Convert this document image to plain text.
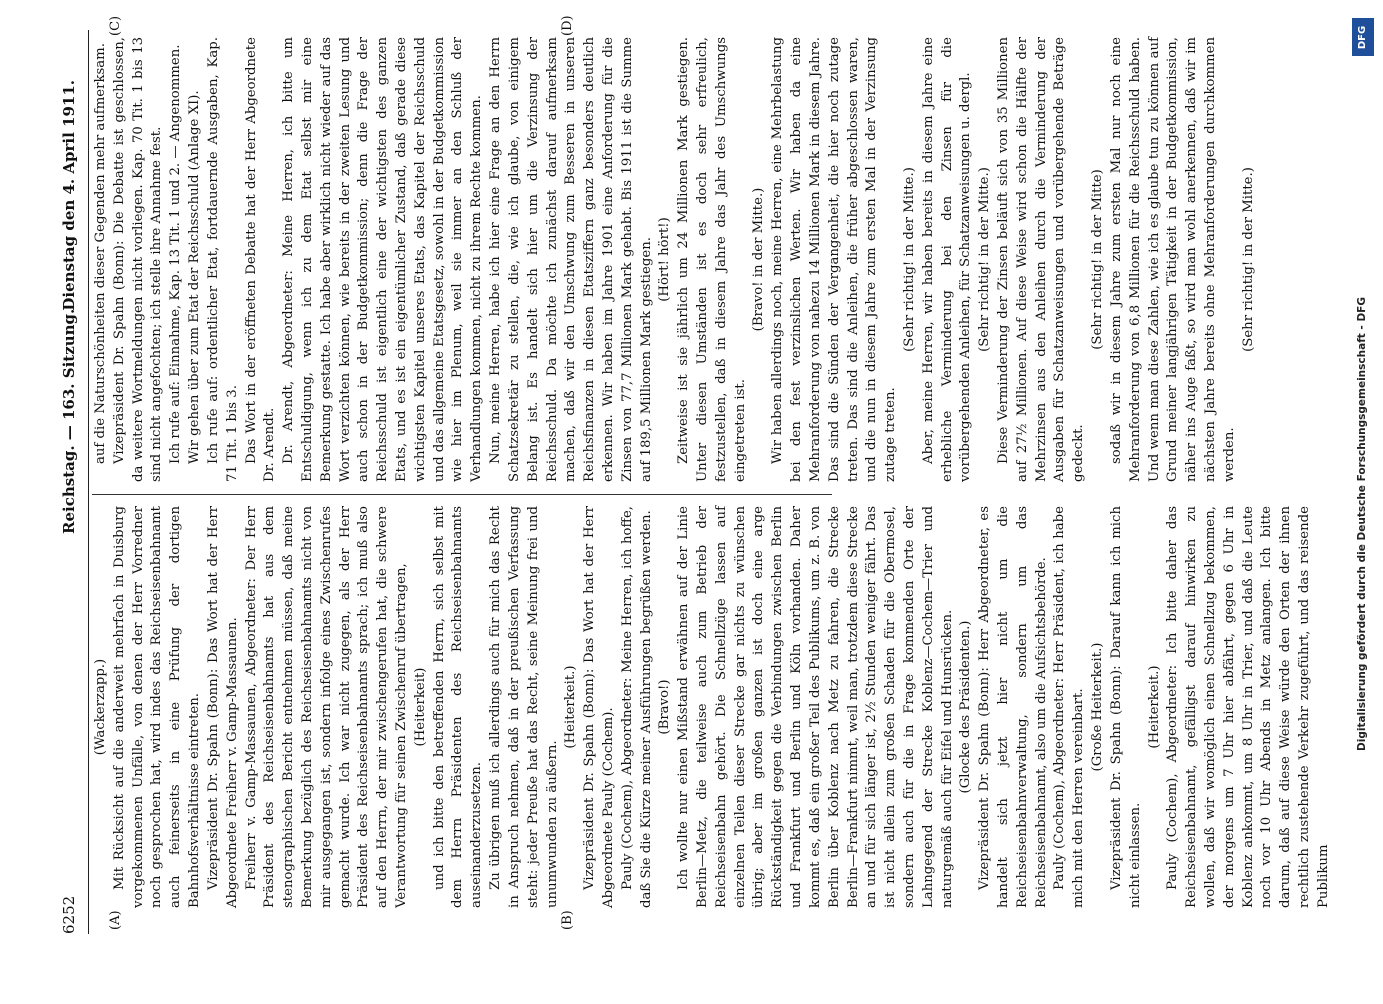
6252
Reichstag. — 163. Sitzung.
Dienstag den 4. April 1911.
(A)	(B)
(C)	(D)

(Wackerzapp.) Mit Rücksicht auf die anderweit mehrfach in Duisburg vorgekommenen Unfälle, von denen der Herr Vorredner noch gesprochen hat, wird indes das Reichseisenbahnamt auch feinerseits in eine Prüfung der dortigen Bahnhofsverhältnisse eintreten. Vizepräsident Dr. Spahn (Bonn): Das Wort hat der Herr Abgeordnete Freiherr v. Gamp-Massaunen. Freiherr v. Gamp-Massaunen, Abgeordneter: Der Herr Präsident des Reichseisenbahnamts hat aus dem stenographischen Bericht entnehmen müssen, daß meine Bemerkung bezüglich des Reichseisenbahnamts nicht von mir ausgegangen ist, sondern infolge eines Zwischenrufes gemacht wurde. Ich war nicht zugegen, als der Herr Präsident des Reichseisenbahnamts sprach; ich muß also auf den Herrn, der mir zwischengerufen hat, die schwere Verantwortung für seinen Zwischenruf übertragen, (Heiterkeit) und ich bitte den betreffenden Herrn, sich selbst mit dem Herrn Präsidenten des Reichseisenbahnamts auseinanderzusetzen. Zu übrigen muß ich allerdings auch für mich das Recht in Anspruch nehmen, daß in der preußischen Verfassung steht: jeder Preuße hat das Recht, seine Meinung frei und unumwunden zu äußern.

(Heiterkeit.) Vizepräsident Dr. Spahn (Bonn): Das Wort hat der Herr Abgeordnete Pauly (Cochem). Pauly (Cochem), Abgeordneter: Meine Herren, ich hoffe, daß Sie die Kürze meiner Ausführungen begrüßen werden. (Bravo!) Ich wollte nur einen Mißstand erwähnen auf der Linie Berlin—Metz, die teilweise auch zum Betrieb der Reichseisenbahn gehört. Die Schnellzüge lassen auf einzelnen Teilen dieser Strecke gar nichts zu wünschen übrig; aber im großen ganzen ist doch eine arge Rückständigkeit gegen die Verbindungen zwischen Berlin und Frankfurt und Berlin und Köln vorhanden. Daher kommt es, daß ein großer Teil des Publikums, um z. B. von Berlin über Koblenz nach Metz zu fahren, die Strecke Berlin—Frankfurt nimmt, weil man, trotzdem diese Strecke an und für sich länger ist, 2½ Stunden weniger fährt. Das ist nicht allein zum großen Schaden für die Obermosel, sondern auch für die in Frage kommenden Orte der Lahngegend der Strecke Koblenz—Cochem—Trier und naturgemäß auch für Eifel und Hunsrücken. (Glocke des Präsidenten.) Vizepräsident Dr. Spahn (Bonn): Herr Abgeordneter, es handelt sich jetzt hier nicht um die Reichseisenbahnverwaltung, sondern um das Reichseisenbahnamt, also um die Aufsichtsbehörde. Pauly (Cochem), Abgeordneter: Herr Präsident, ich habe mich mit den Herren vereinbart. (Große Heiterkeit.) Vizepräsident Dr. Spahn (Bonn): Darauf kann ich mich nicht einlassen.

(Heiterkeit.) Pauly (Cochem), Abgeordneter: Ich bitte daher das Reichseisenbahnamt, gefälligst darauf hinwirken zu wollen, daß wir womöglich einen Schnellzug bekommen, der morgens um 7 Uhr hier abfährt, gegen 6 Uhr in Koblenz ankommt, um 8 Uhr in Trier, und daß die Leute noch vor 10 Uhr Abends in Metz anlangen. Ich bitte darum, daß auf diese Weise würde den Orten der ihnen rechtlich zustehende Verkehr zugeführt, und das reisende Publikum

auf die Naturschönheiten dieser Gegenden mehr aufmerksam. Vizepräsident Dr. Spahn (Bonn): Die Debatte ist geschlossen, da weitere Wortmeldungen nicht vorliegen. Kap. 70 Tit. 1 bis 13 sind nicht angefochten; ich stelle ihre Annahme fest. Ich rufe auf: Einnahme, Kap. 13 Tit. 1 und 2. — Angenommen. Wir gehen über zum Etat der Reichsschuld (Anlage XI). Ich rufe auf: ordentlicher Etat, fortdauernde Ausgaben, Kap. 71 Tit. 1 bis 3. Das Wort in der eröffneten Debatte hat der Herr Abgeordnete Dr. Arendt. Dr. Arendt, Abgeordneter: Meine Herren, ich bitte um Entschuldigung, wenn ich zu dem Etat selbst mir eine Bemerkung gestatte. Ich habe aber wirklich nicht wieder auf das Wort verzichten können, wie bereits in der zweiten Lesung und auch schon in der Budgetkommission; denn die Frage der Reichsschuld ist eigentlich eine der wichtigsten des ganzen Etats, und es ist ein eigentümlicher Zustand, daß gerade diese wichtigsten Kapitel unseres Etats, das Kapitel der Reichsschuld und das allgemeine Etatsgesetz, sowohl in der Budgetkommission wie hier im Plenum, weil sie immer an den Schluß der Verhandlungen kommen, nicht zu ihrem Rechte kommen. Nun, meine Herren, habe ich hier eine Frage an den Herrn Schatzsekretär zu stellen, die, wie ich glaube, von einigem Belang ist. Es handelt sich hier um die Verzinsung der Reichsschuld. Da möchte ich zunächst darauf aufmerksam machen, daß wir den Umschwung zum Besseren in unseren Reichsfinanzen in diesen Etatsziffern ganz besonders deutlich erkennen. Wir haben im Jahre 1901 eine Anforderung für die Zinsen von 77,7 Millionen Mark gehabt. Bis 1911 ist die Summe auf 189,5 Millionen Mark gestiegen. (Hört! hört!) Zeitweise ist sie jährlich um 24 Millionen Mark gestiegen. Unter diesen Umständen ist es doch sehr erfreulich, festzustellen, daß in diesem Jahre das Jahr des Umschwungs eingetreten ist.

(Bravo! in der Mitte.) Wir haben allerdings noch, meine Herren, eine Mehrbelastung bei den fest verzinslichen Werten. Wir haben da eine Mehranforderung von nahezu 14 Millionen Mark in diesem Jahre. Das sind die Sünden der Vergangenheit, die hier noch zutage treten. Das sind die Anleihen, die früher abgeschlossen waren, und die nun in diesem Jahre zum ersten Mal in der Verzinsung zutage treten.

(Sehr richtig! in der Mitte.) Aber, meine Herren, wir haben bereits in diesem Jahre eine erhebliche Verminderung bei den Zinsen für die vorübergehenden Anleihen, für Schatzanweisungen u. dergl. (Sehr richtig! in der Mitte.) Diese Verminderung der Zinsen beläuft sich von 35 Millionen auf 27½ Millionen. Auf diese Weise wird schon die Hälfte der Mehrzinsen aus den Anleihen durch die Verminderung der Ausgaben für Schatzanweisungen und vorübergehende Beträge gedeckt.

(Sehr richtig! in der Mitte) sodaß wir in diesem Jahre zum ersten Mal nur noch eine Mehranforderung von 6,8 Millionen für die Reichsschuld haben. Und wenn man diese Zahlen, wie ich es glaube tun zu können auf Grund meiner langjährigen Tätigkeit in der Budgetkommission, näher ins Auge faßt, so wird man wohl anerkennen, daß wir im nächsten Jahre bereits ohne Mehranforderungen durchkommen werden.

(Sehr richtig! in der Mitte.)

DFG
Digitalisierung gefördert durch die Deutsche Forschungsgemeinschaft - DFG
